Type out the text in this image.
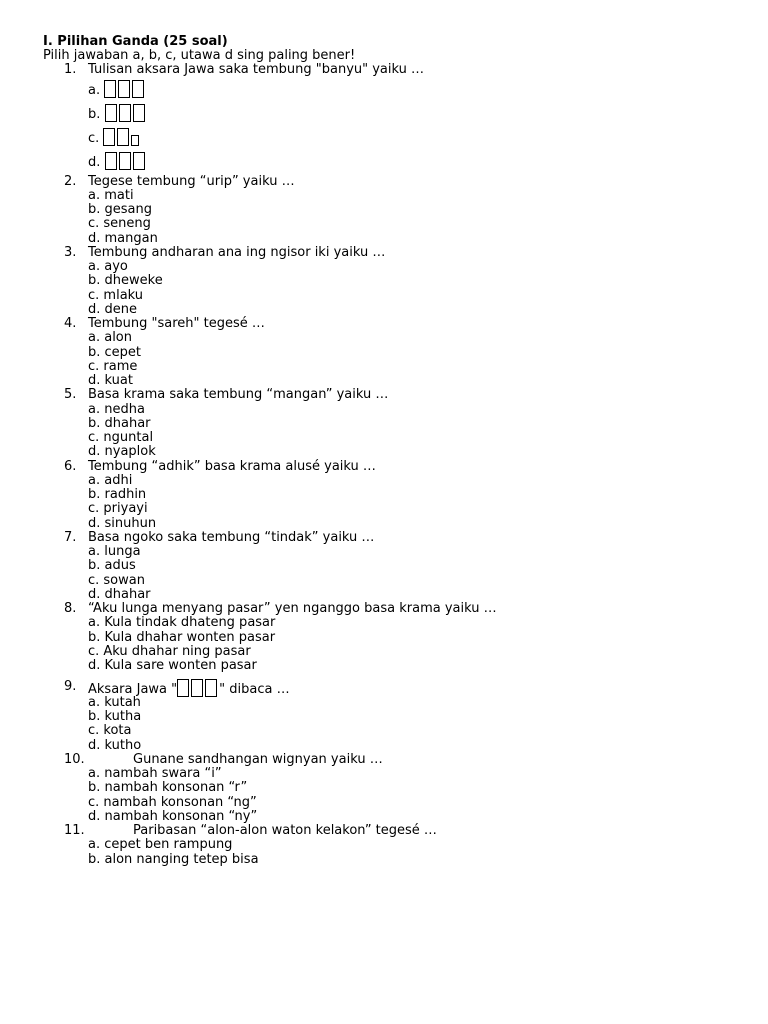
I. Pilihan Ganda (25 soal)
Pilih jawaban a, b, c, utawa d sing paling bener!
1. Tulisan aksara Jawa saka tembung "banyu" yaiku …
a.
b.
c.
d.
2. Tegese tembung “urip” yaiku …
a. mati
b. gesang
c. seneng
d. mangan
3. Tembung andharan ana ing ngisor iki yaiku …
a. ayo
b. dheweke
c. mlaku
d. dene
4. Tembung "sareh" tegesé …
a. alon
b. cepet
c. rame
d. kuat
5. Basa krama saka tembung “mangan” yaiku …
a. nedha
b. dhahar
c. nguntal
d. nyaplok
6. Tembung “adhik” basa krama alusé yaiku …
a. adhi
b. radhin
c. priyayi
d. sinuhun
7. Basa ngoko saka tembung “tindak” yaiku …
a. lunga
b. adus
c. sowan
d. dhahar
8. “Aku lunga menyang pasar” yen nganggo basa krama yaiku …
a. Kula tindak dhateng pasar
b. Kula dhahar wonten pasar
c. Aku dhahar ning pasar
d. Kula sare wonten pasar
9. Aksara Jawa "	" dibaca …
a. kutah
b. kutha
c. kota
d. kutho
10.	Gunane sandhangan wignyan yaiku …
a. nambah swara “i”
b. nambah konsonan “r”
c. nambah konsonan “ng”
d. nambah konsonan “ny”
11.	Paribasan “alon-alon waton kelakon” tegesé …
a. cepet ben rampung
b. alon nanging tetep bisa
